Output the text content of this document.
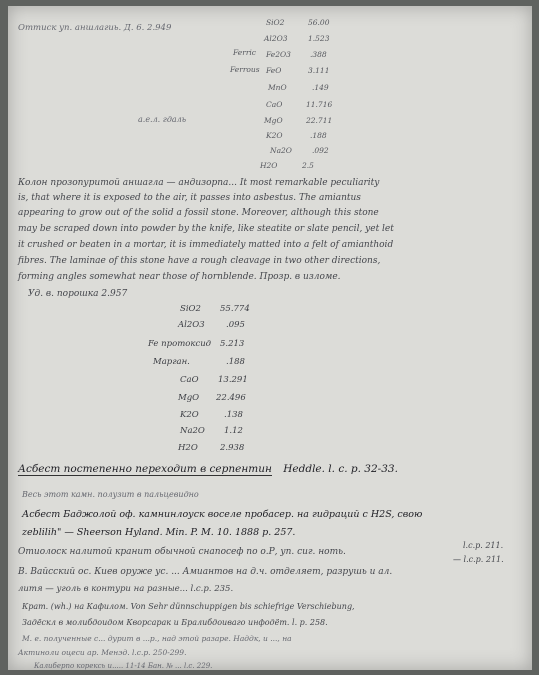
Оттиск уп. аншлагиь. Д. 6. 2.949
а.е.л. гдаль
Ferric
Ferrous
SiO2
Al2O3
Fe2O3
FeO
MnO
CaO
MgO
K2O
Na2O
H2O
56.00
1.523
.388
3.111
.149
11.716
22.711
.188
.092
2.5
Колон прозопуритой аншагла — андизорпа... It most remarkable peculiarity
is, that where it is exposed to the air, it passes into asbestus. The amiantus
appearing to grow out of the solid a fossil stone. Moreover, although this stone
may be scraped down into powder by the knife, like steatite or slate pencil, yet let
it crushed or beaten in a mortar, it is immediately matted into a felt of amianthoid
fibres. The laminae of this stone have a rough cleavage in two other directions,
forming angles somewhat near those of hornblende. Прозр. в изломе.
Уд. в. порошка 2.957
SiO2
Al2O3
Fe протоксид
Марган.
CaO
MgO
K2O
Na2O
H2O
55.774
.095
5.213
.188
13.291
22.496
.138
1.12
2.938
Асбест постепенно переходит в серпентин Heddle. l. c. p. 32-33.
Весь этот камн. полузит в пальцевидно
Асбест Баджолой оф. камнинлоуск воселе пробасер. на гидраций с Н2S, свою
zeblilih" — Sheerson Hyland. Min. P. M. 10. 1888 p. 257.
Отиолоск налитой кранит обычной снапосеф по о.Р, уп. сиг. ноть.
B. Вайсский ос. Киев оруже ус. ... Амиантов на д.ч. отделяет, разрушь и ал.
литя — уголь в контури на разные... l.c.p. 235.
Крат. (wh.) на Кафилом. Von Sehr dünnschuppigen bis schiefrige Verschiebung,
Задёскл в молибдоидом Кворсарак и Бралибдоиваго инфодёт. l. p. 258.
М. е. полученные с... дурит в ...р., над этой разаре. Наддк, и ..., на
Актиноли оцеси ар. Менэд. l.c.p. 250-299.
Калиберпо корексь и..... 11-14 Бан. № ... l.c. 229.
l.c.p. 211.
— l.c.p. 211.
